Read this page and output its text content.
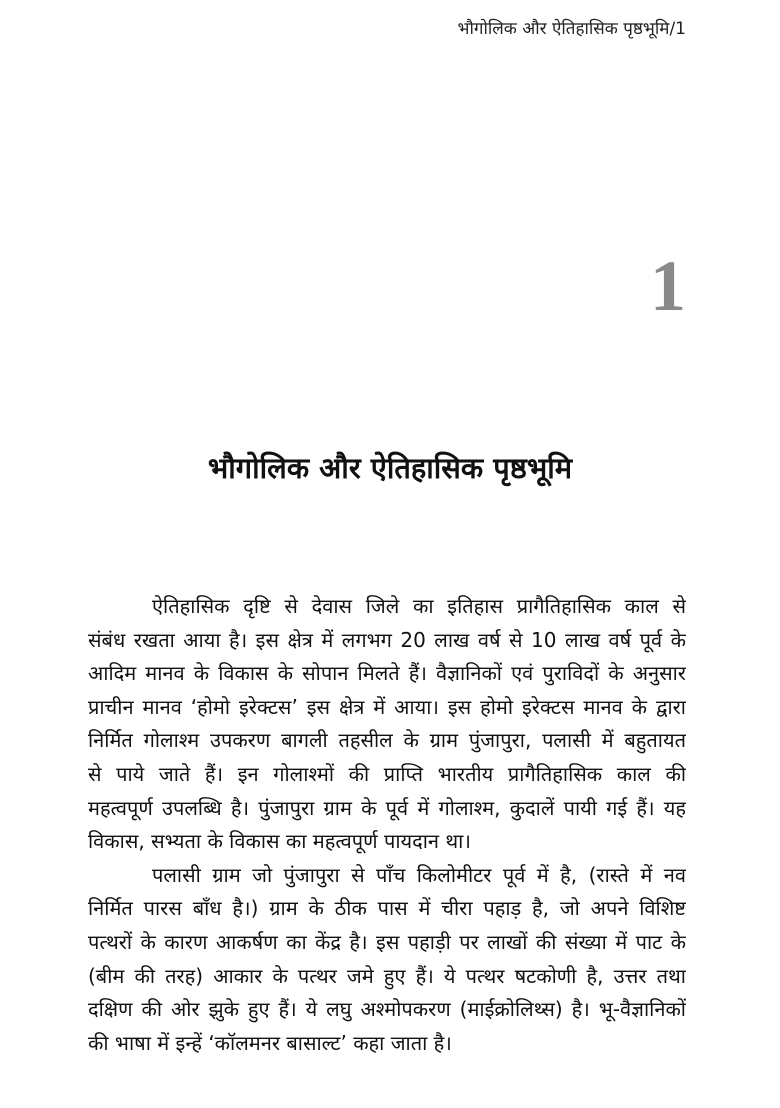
भौगोलिक और ऐतिहासिक पृष्ठभूमि/1
1
भौगोलिक और ऐतिहासिक पृष्ठभूमि
ऐतिहासिक दृष्टि से देवास जिले का इतिहास प्रागैतिहासिक काल से
संबंध रखता आया है। इस क्षेत्र में लगभग 20 लाख वर्ष से 10 लाख वर्ष पूर्व के
आदिम मानव के विकास के सोपान मिलते हैं। वैज्ञानिकों एवं पुराविदों के अनुसार
प्राचीन मानव ‘होमो इरेक्टस’ इस क्षेत्र में आया। इस होमो इरेक्टस मानव के द्वारा
निर्मित गोलाश्म उपकरण बागली तहसील के ग्राम पुंजापुरा, पलासी में बहुतायत
से पाये जाते हैं। इन गोलाश्मों की प्राप्ति भारतीय प्रागैतिहासिक काल की
महत्वपूर्ण उपलब्धि है। पुंजापुरा ग्राम के पूर्व में गोलाश्म, कुदालें पायी गई हैं। यह
विकास, सभ्यता के विकास का महत्वपूर्ण पायदान था।
पलासी ग्राम जो पुंजापुरा से पाँच किलोमीटर पूर्व में है, (रास्ते में नव
निर्मित पारस बाँध है।) ग्राम के ठीक पास में चीरा पहाड़ है, जो अपने विशिष्ट
पत्थरों के कारण आकर्षण का केंद्र है। इस पहाड़ी पर लाखों की संख्या में पाट के
(बीम की तरह) आकार के पत्थर जमे हुए हैं। ये पत्थर षटकोणी है, उत्तर तथा
दक्षिण की ओर झुके हुए हैं। ये लघु अश्मोपकरण (माईक्रोलिथ्स) है। भू-वैज्ञानिकों
की भाषा में इन्हें ‘कॉलमनर बासाल्ट’ कहा जाता है।
